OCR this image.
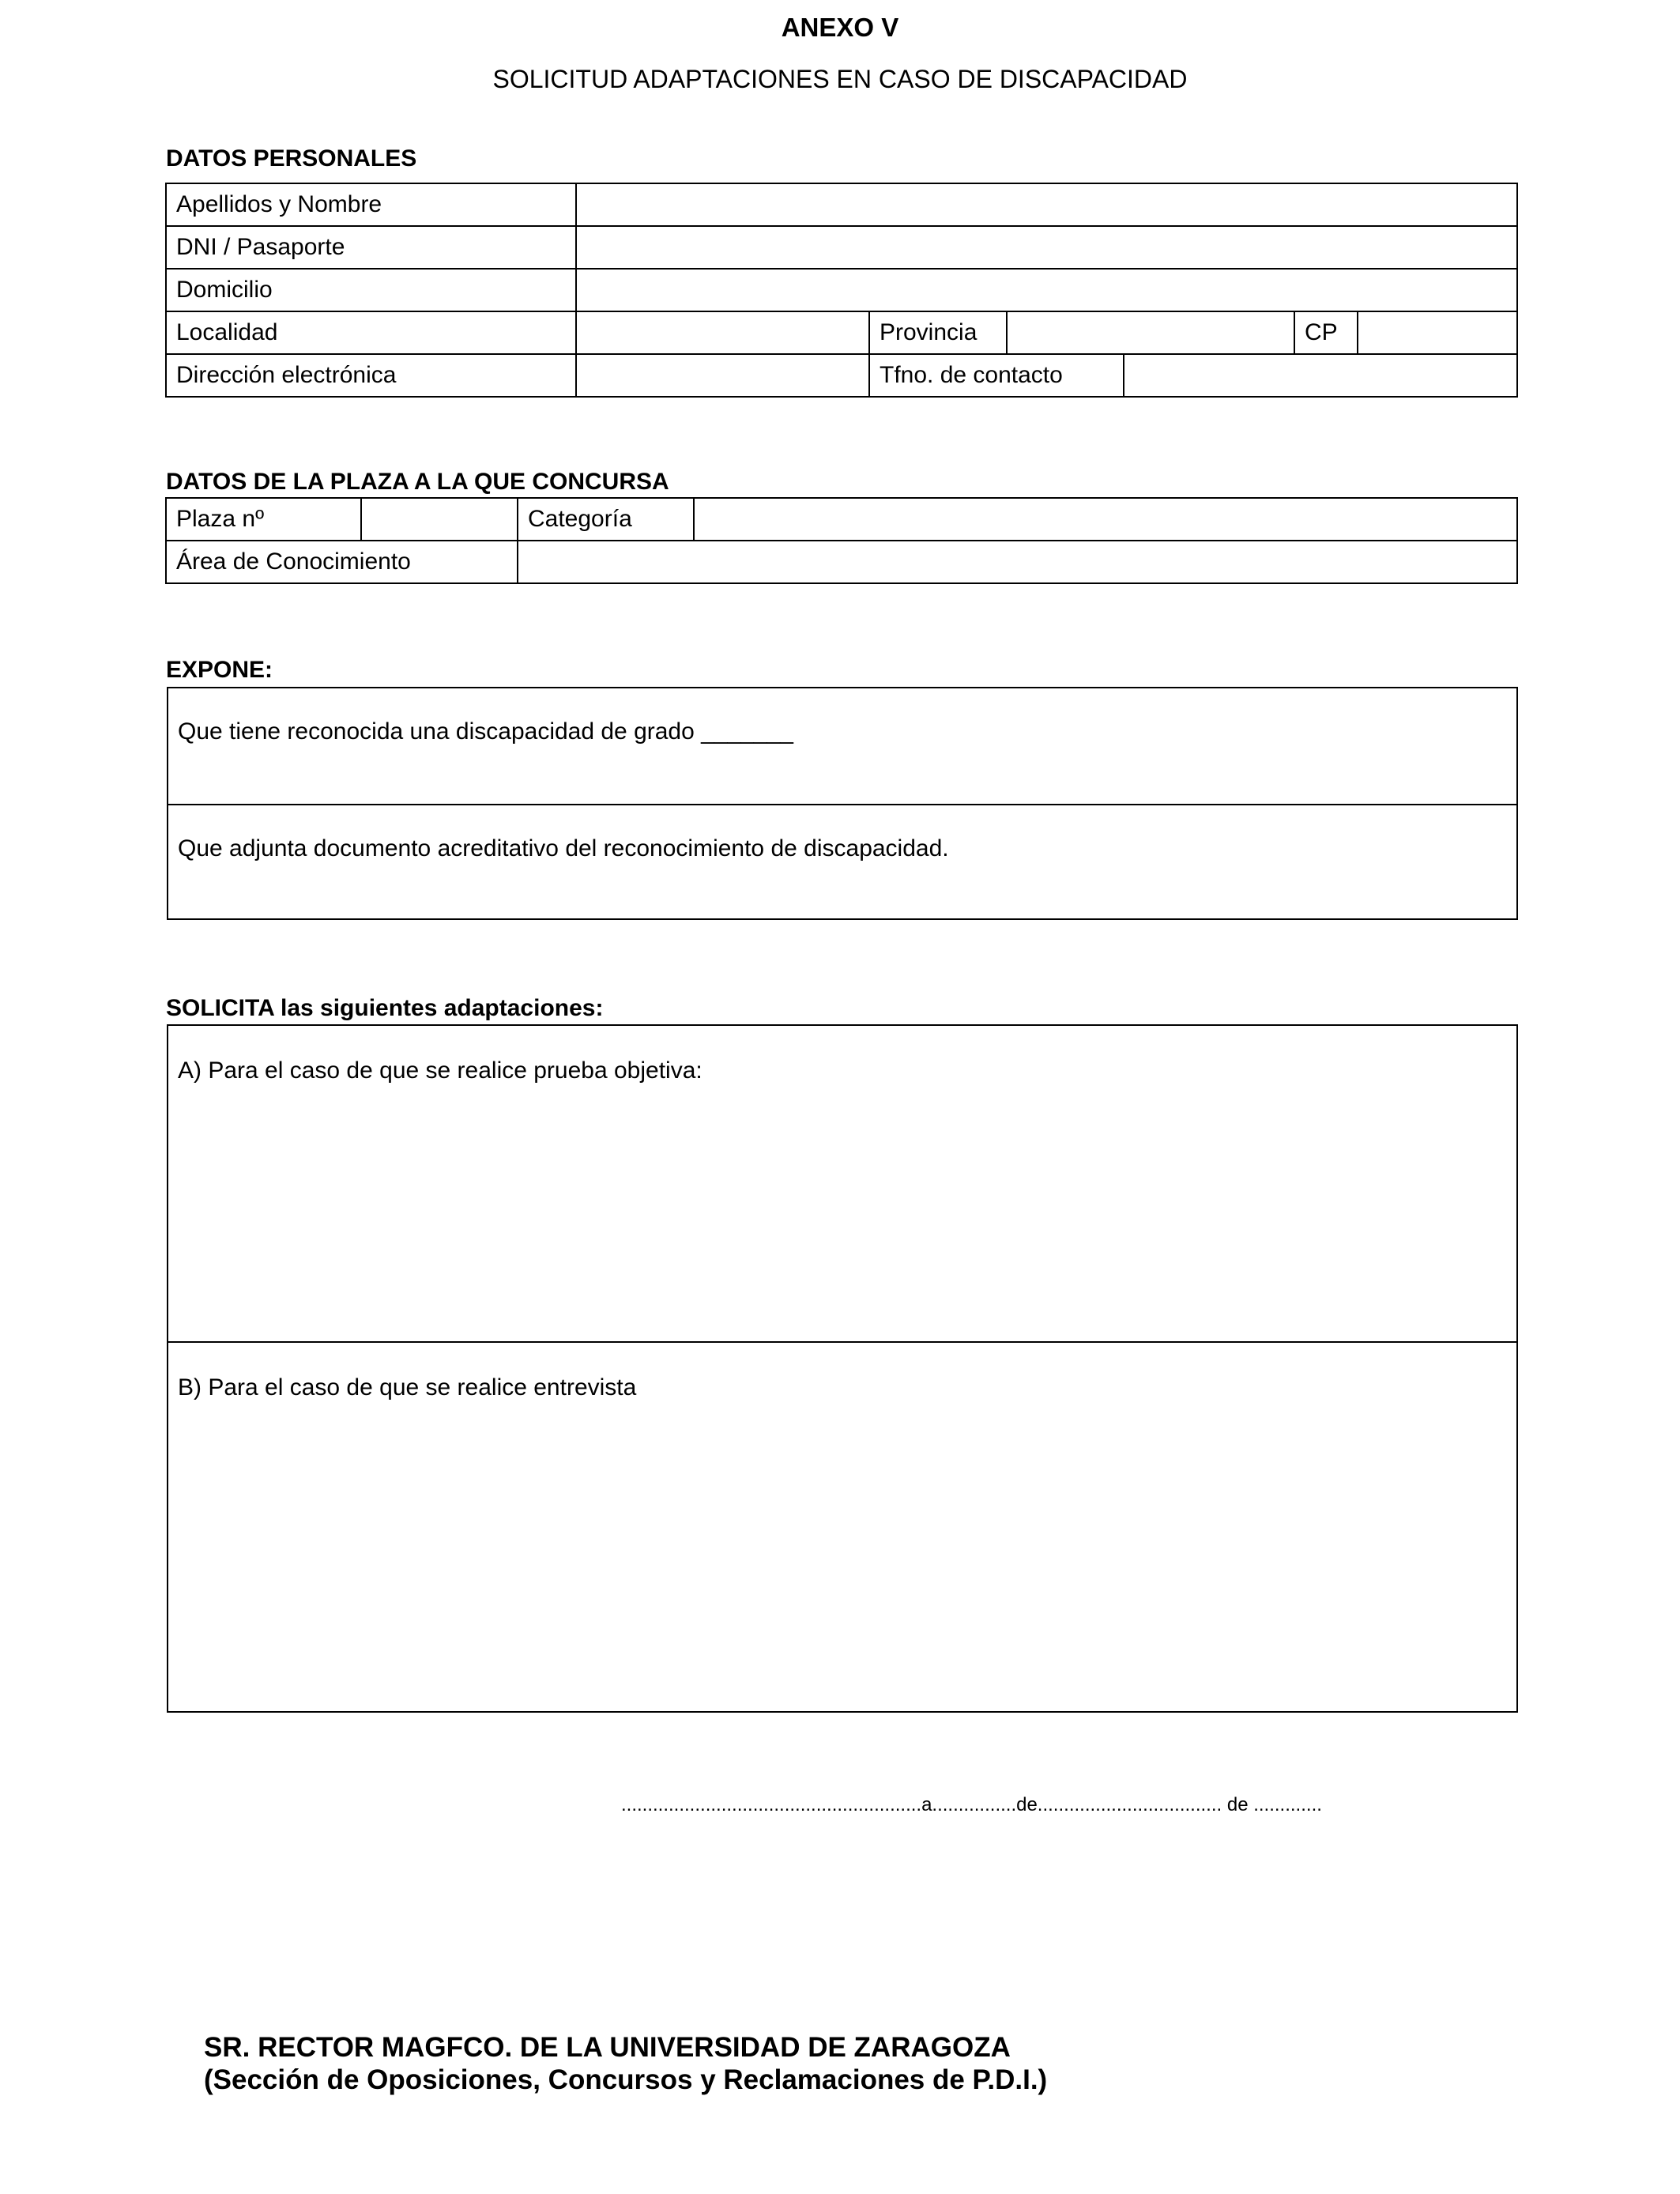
ANEXO V
SOLICITUD ADAPTACIONES EN CASO DE DISCAPACIDAD
DATOS PERSONALES
Apellidos y Nombre						
DNI / Pasaporte						
Domicilio						
Localidad		Provincia			CP	
Dirección electrónica		Tfno. de contacto				
DATOS DE LA PLAZA A LA QUE CONCURSA
Plaza nº		Categoría	
Área de Conocimiento			
EXPONE:
Que tiene reconocida una discapacidad de grado _______
Que adjunta documento acreditativo del reconocimiento de discapacidad.
SOLICITA las siguientes adaptaciones:
A) Para el caso de que se realice prueba objetiva:
B) Para el caso de que se realice entrevista
.........................................................a................de................................... de .............
SR. RECTOR MAGFCO. DE LA UNIVERSIDAD DE ZARAGOZA
(Sección de Oposiciones, Concursos y Reclamaciones de P.D.I.)
